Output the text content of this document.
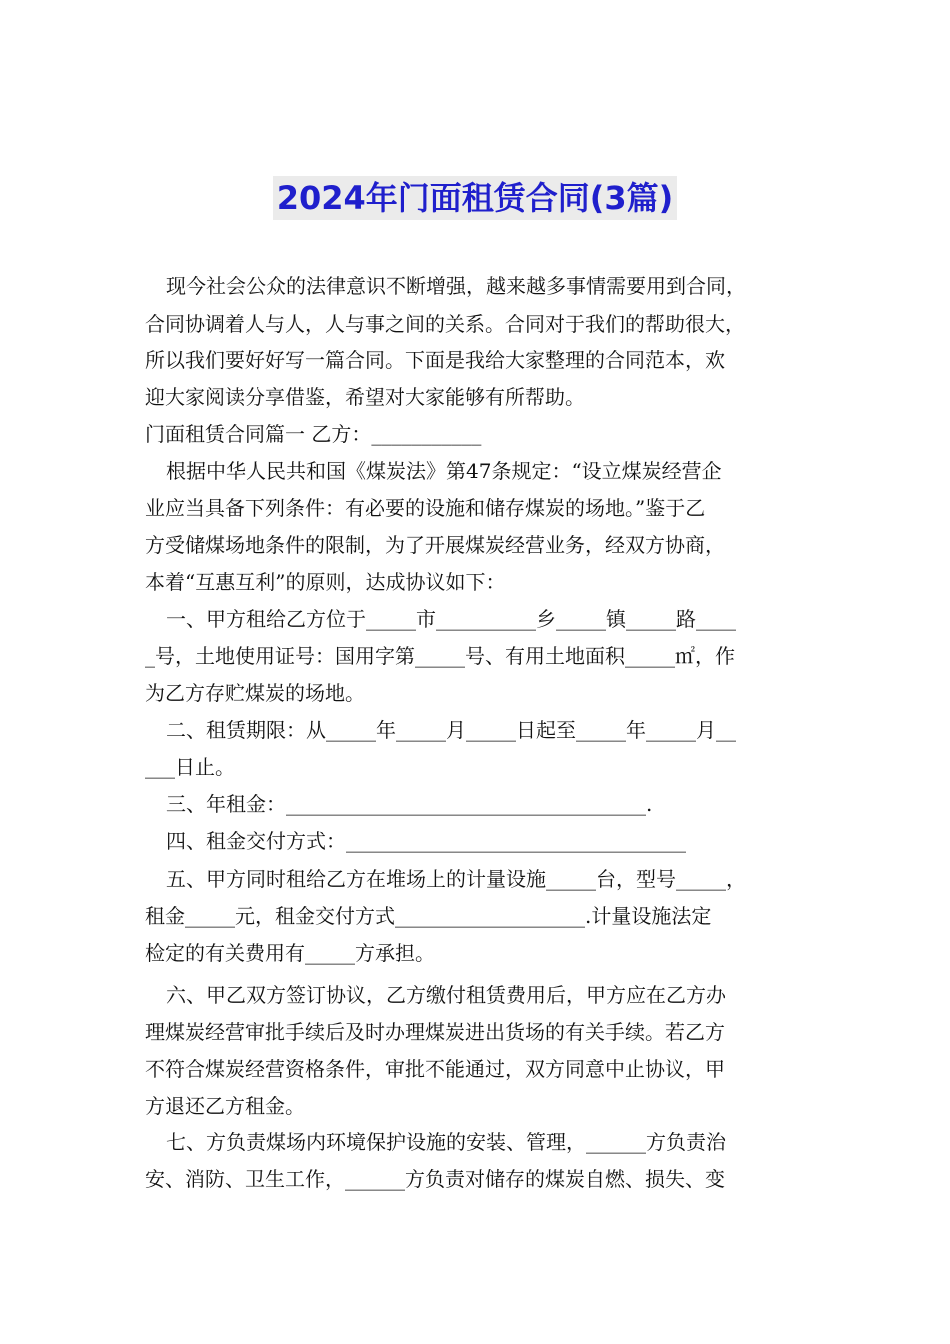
2024年门面租赁合同(3篇)
现今社会公众的法律意识不断增强，越来越多事情需要用到合同，
合同协调着人与人，人与事之间的关系。合同对于我们的帮助很大，
所以我们要好好写一篇合同。下面是我给大家整理的合同范本，欢
迎大家阅读分享借鉴，希望对大家能够有所帮助。
门面租赁合同篇一 乙方：___________
根据中华人民共和国《煤炭法》第47条规定：“设立煤炭经营企
业应当具备下列条件：有必要的设施和储存煤炭的场地。”鉴于乙
方受储煤场地条件的限制，为了开展煤炭经营业务，经双方协商，
本着“互惠互利”的原则，达成协议如下：
一、甲方租给乙方位于_____市__________乡_____镇_____路____
_号，土地使用证号：国用字第_____号、有用土地面积_____㎡，作
为乙方存贮煤炭的场地。
二、租赁期限：从_____年_____月_____日起至_____年_____月__
___日止。
三、年租金：____________________________________.
四、租金交付方式：__________________________________
五、甲方同时租给乙方在堆场上的计量设施_____台，型号_____，
租金_____元，租金交付方式___________________.计量设施法定
检定的有关费用有_____方承担。
六、甲乙双方签订协议，乙方缴付租赁费用后，甲方应在乙方办
理煤炭经营审批手续后及时办理煤炭进出货场的有关手续。若乙方
不符合煤炭经营资格条件，审批不能通过，双方同意中止协议，甲
方退还乙方租金。
七、方负责煤场内环境保护设施的安装、管理，______方负责治
安、消防、卫生工作，______方负责对储存的煤炭自燃、损失、变
